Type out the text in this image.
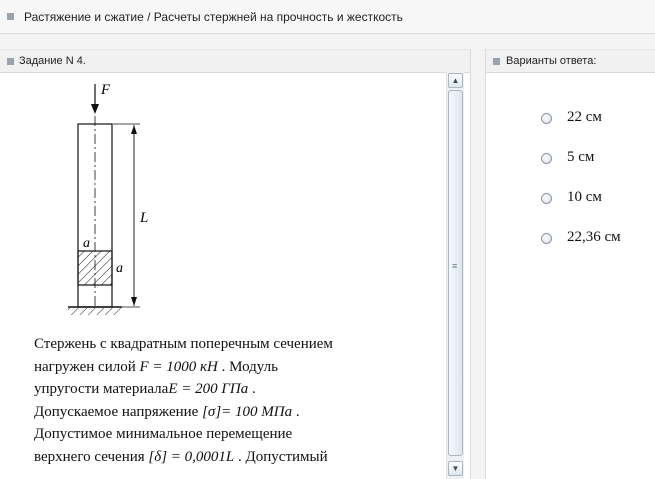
Растяжение и сжатие / Расчеты стержней на прочность и жесткость
Задание N 4.
F
a
a
L
Стержень с квадратным поперечным сечением
нагружен силой F = 1000 кН . Модуль
упругости материалаE = 200 ГПа .
Допускаемое напряжение [σ]= 100 МПа .
Допустимое минимальное перемещение
верхнего сечения [δ] = 0,0001L . Допустимый
▲
≡
▼
Варианты ответа:
22 см
5 см
10 см
22,36 см
